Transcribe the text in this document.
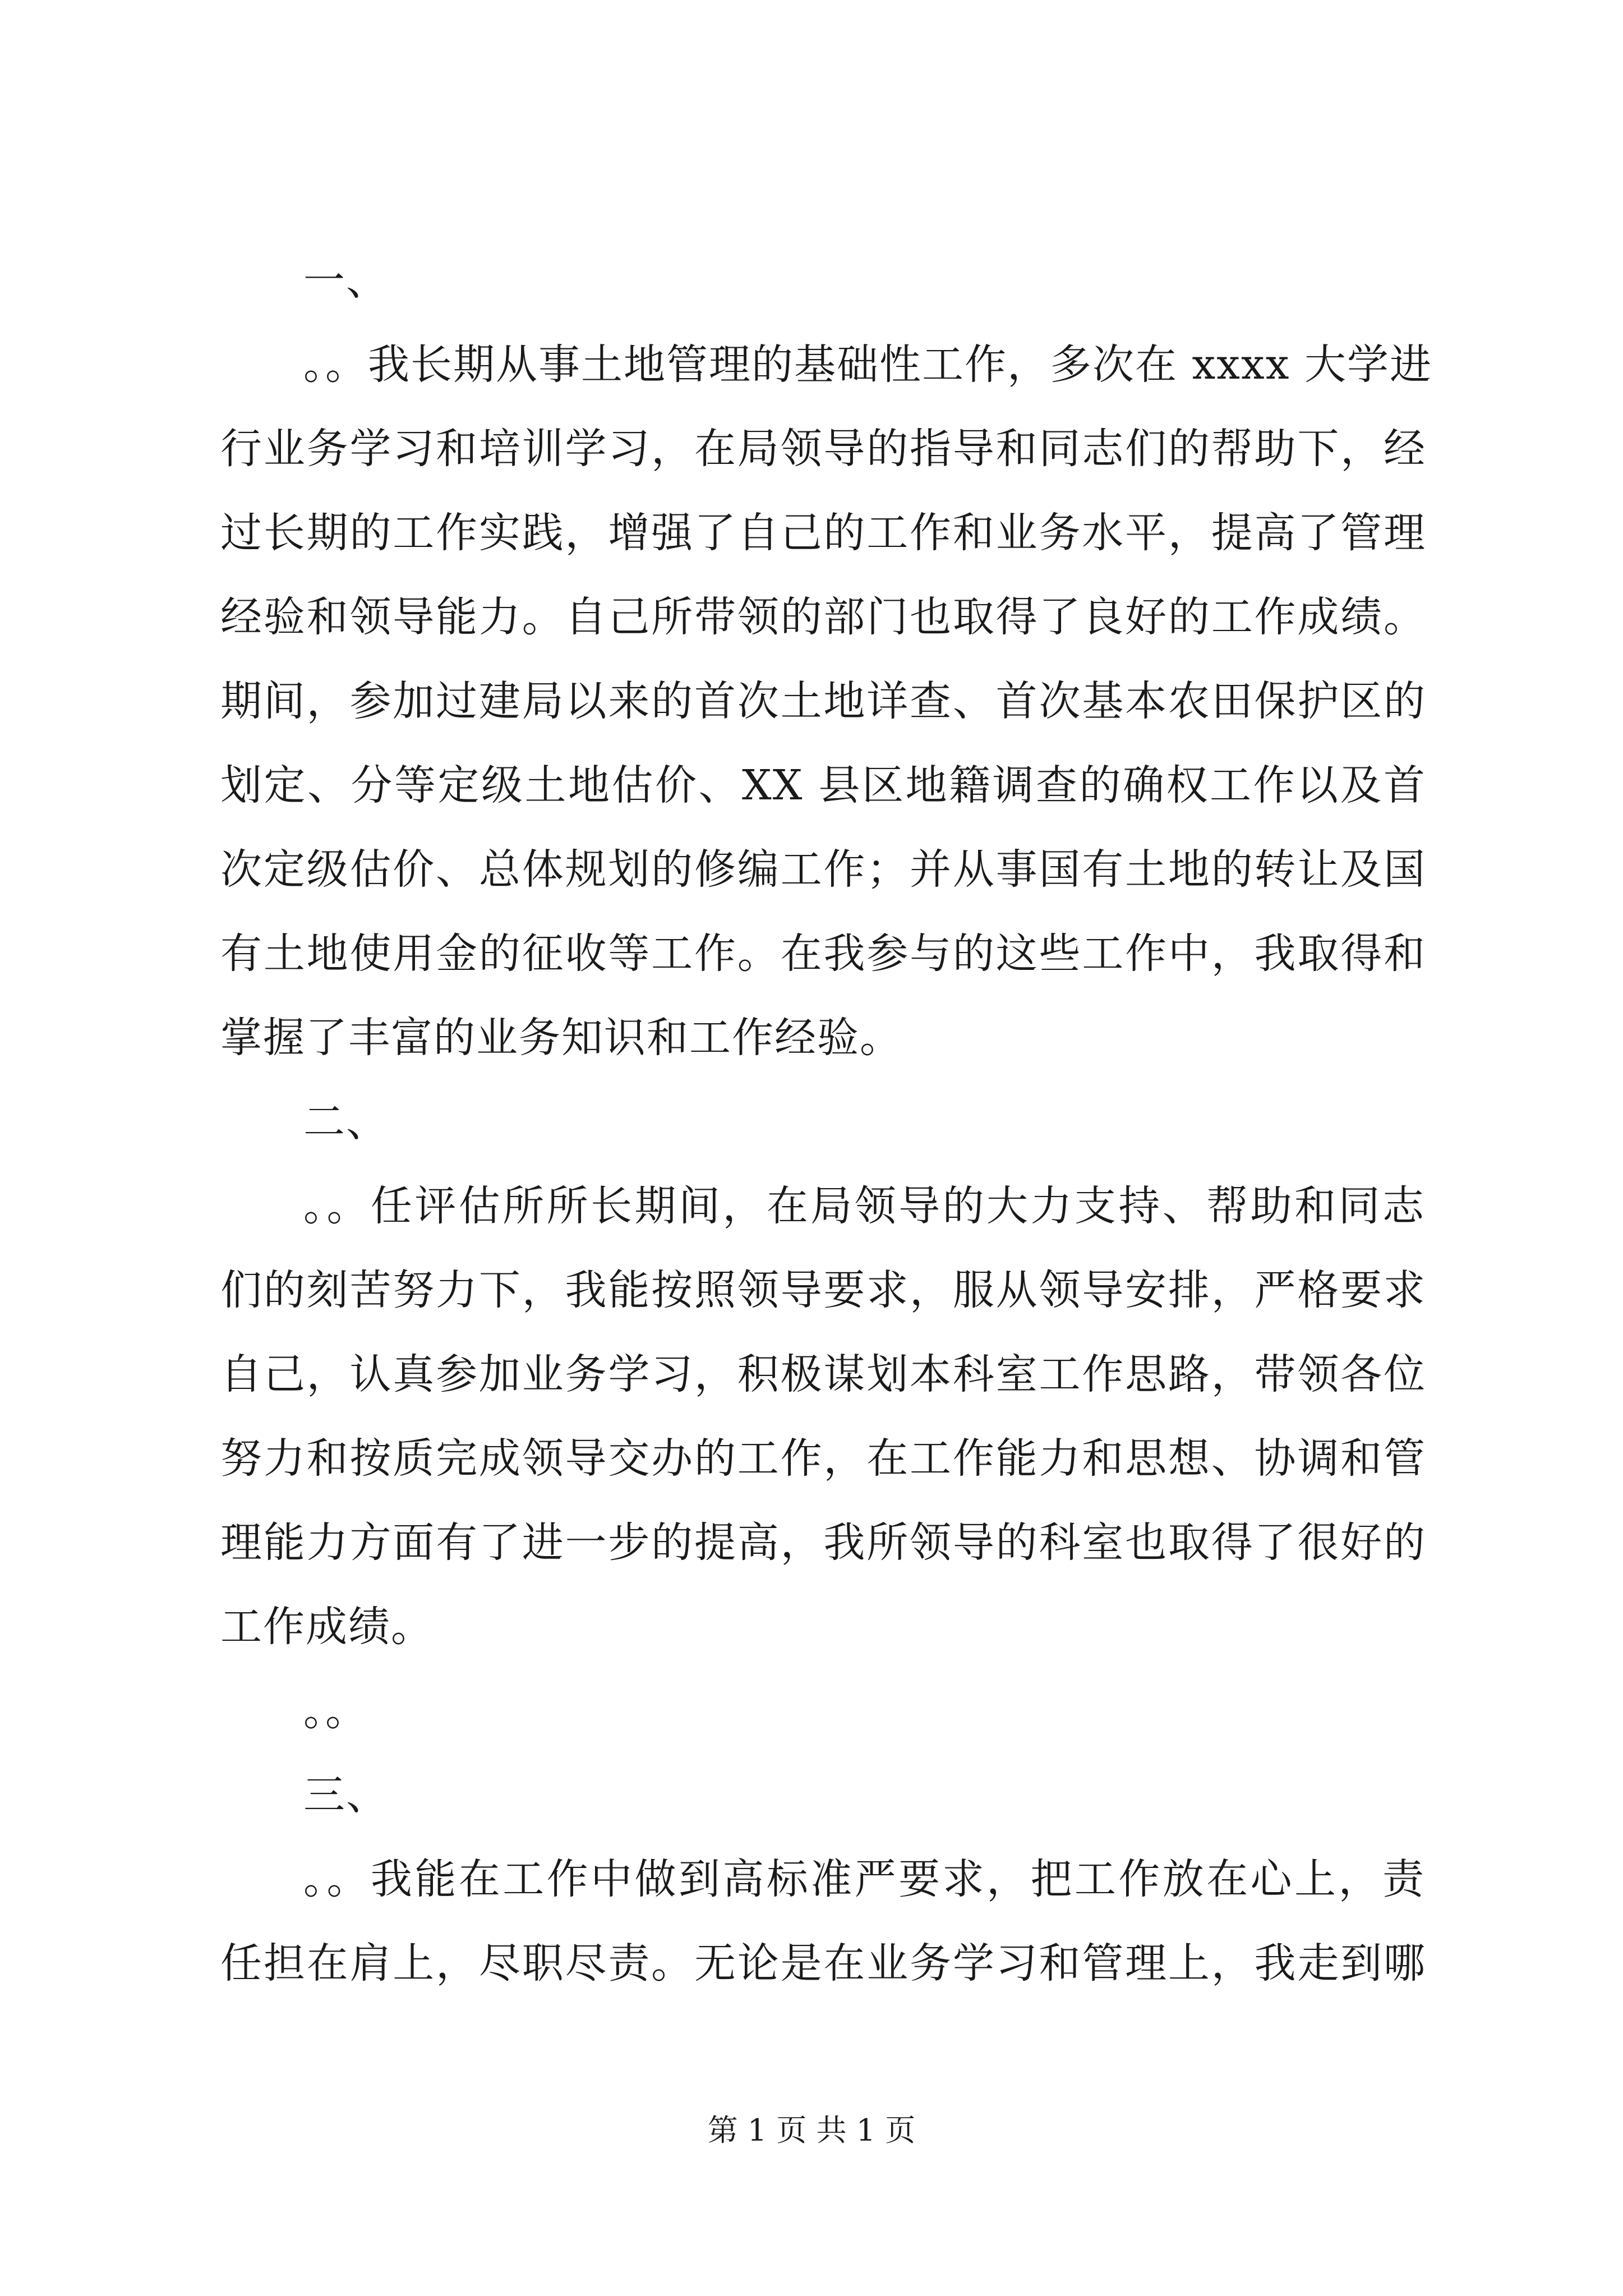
一、
。。我长期从事土地管理的基础性工作，多次在 xxxx 大学进
行业务学习和培训学习，在局领导的指导和同志们的帮助下，经
过长期的工作实践，增强了自己的工作和业务水平，提高了管理
经验和领导能力。自己所带领的部门也取得了良好的工作成绩。
期间，参加过建局以来的首次土地详查、首次基本农田保护区的
划定、分等定级土地估价、XX 县区地籍调查的确权工作以及首
次定级估价、总体规划的修编工作；并从事国有土地的转让及国
有土地使用金的征收等工作。在我参与的这些工作中，我取得和
掌握了丰富的业务知识和工作经验。
二、
。。任评估所所长期间，在局领导的大力支持、帮助和同志
们的刻苦努力下，我能按照领导要求，服从领导安排，严格要求
自己，认真参加业务学习，积极谋划本科室工作思路，带领各位
努力和按质完成领导交办的工作，在工作能力和思想、协调和管
理能力方面有了进一步的提高，我所领导的科室也取得了很好的
工作成绩。
。。
三、
。。我能在工作中做到高标准严要求，把工作放在心上，责
任担在肩上，尽职尽责。无论是在业务学习和管理上，我走到哪
第 1 页 共 1 页
